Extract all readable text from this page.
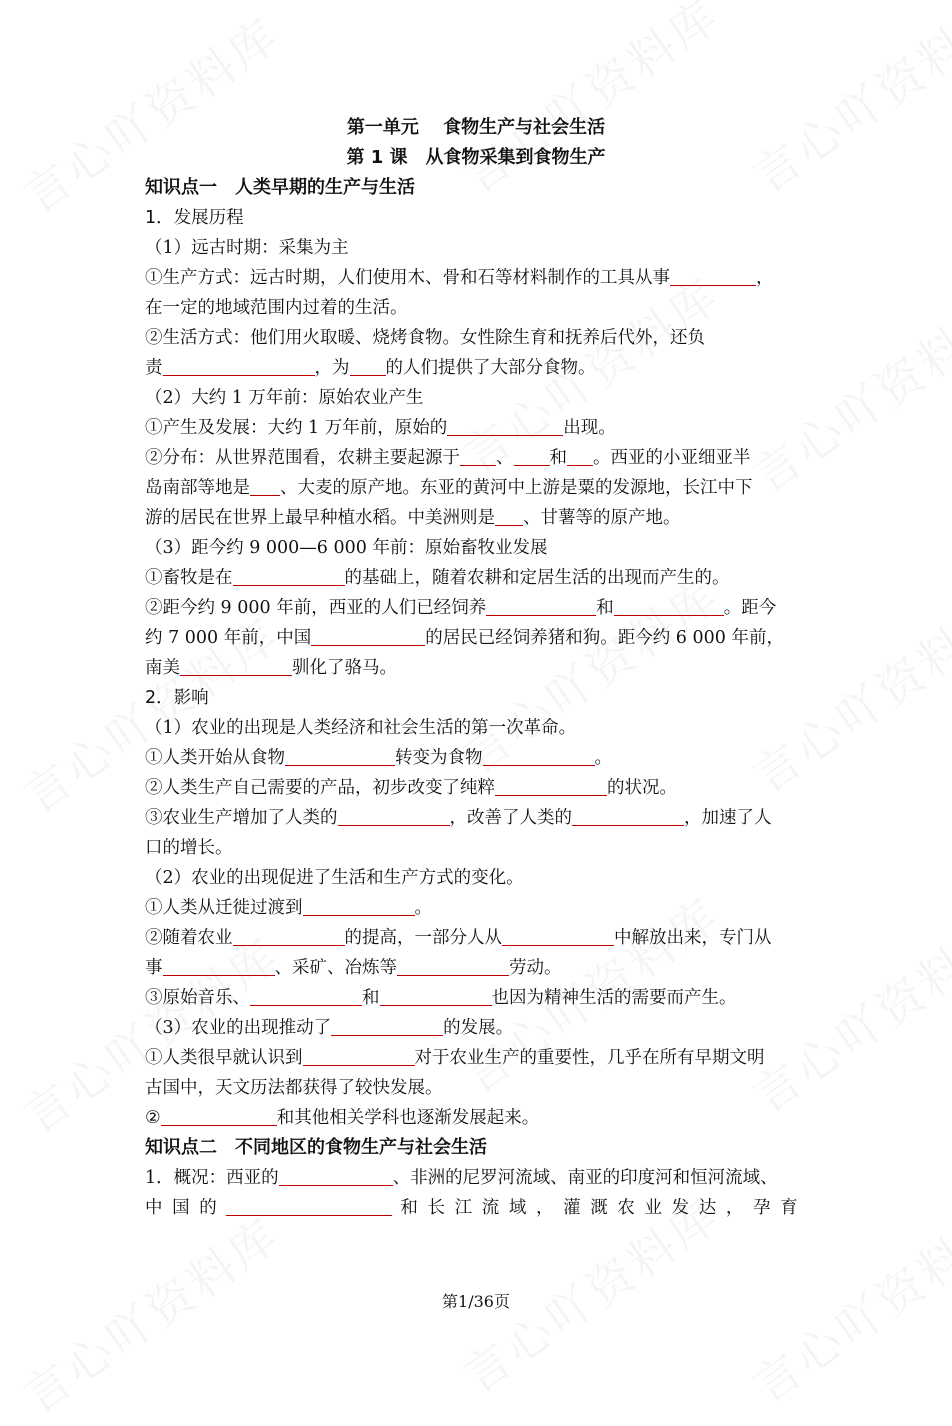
第一单元　 食物生产与社会生活
第 1 课　从食物采集到食物生产
知识点一　人类早期的生产与生活
1．发展历程
（1）远古时期：采集为主
①生产方式：远古时期，人们使用木、骨和石等材料制作的工具从事	，
在一定的地域范围内过着的生活。
②生活方式：他们用火取暖、烧烤食物。女性除生育和抚养后代外，还负
责	，为 的人们提供了大部分食物。
（2）大约 1 万年前：原始农业产生
①产生及发展：大约 1 万年前，原始的	出现。
②分布：从世界范围看，农耕主要起源于 、 和 。西亚的小亚细亚半
岛南部等地是 、大麦的原产地。东亚的黄河中上游是粟的发源地，长江中下
游的居民在世界上最早种植水稻。中美洲则是 、甘薯等的原产地。
（3）距今约 9 000—6 000 年前：原始畜牧业发展
①畜牧是在	的基础上，随着农耕和定居生活的出现而产生的。
②距今约 9 000 年前，西亚的人们已经饲养	和	。距今
约 7 000 年前，中国	的居民已经饲养猪和狗。距今约 6 000 年前，
南美	驯化了骆马。
2．影响
（1）农业的出现是人类经济和社会生活的第一次革命。
①人类开始从食物	转变为食物	。
②人类生产自己需要的产品，初步改变了纯粹	的状况。
③农业生产增加了人类的	，改善了人类的	，加速了人
口的增长。
（2）农业的出现促进了生活和生产方式的变化。
①人类从迁徙过渡到	。
②随着农业	的提高，一部分人从	中解放出来，专门从
事	、采矿、冶炼等	劳动。
③原始音乐、	和	也因为精神生活的需要而产生。
（3）农业的出现推动了	的发展。
①人类很早就认识到	对于农业生产的重要性，几乎在所有早期文明
古国中，天文历法都获得了较快发展。
②	和其他相关学科也逐渐发展起来。
知识点二　不同地区的食物生产与社会生活
1．概况：西亚的	、非洲的尼罗河流域、南亚的印度河和恒河流域、
中国的	和长江流域，灌溉农业发达，孕育
第1/36页
